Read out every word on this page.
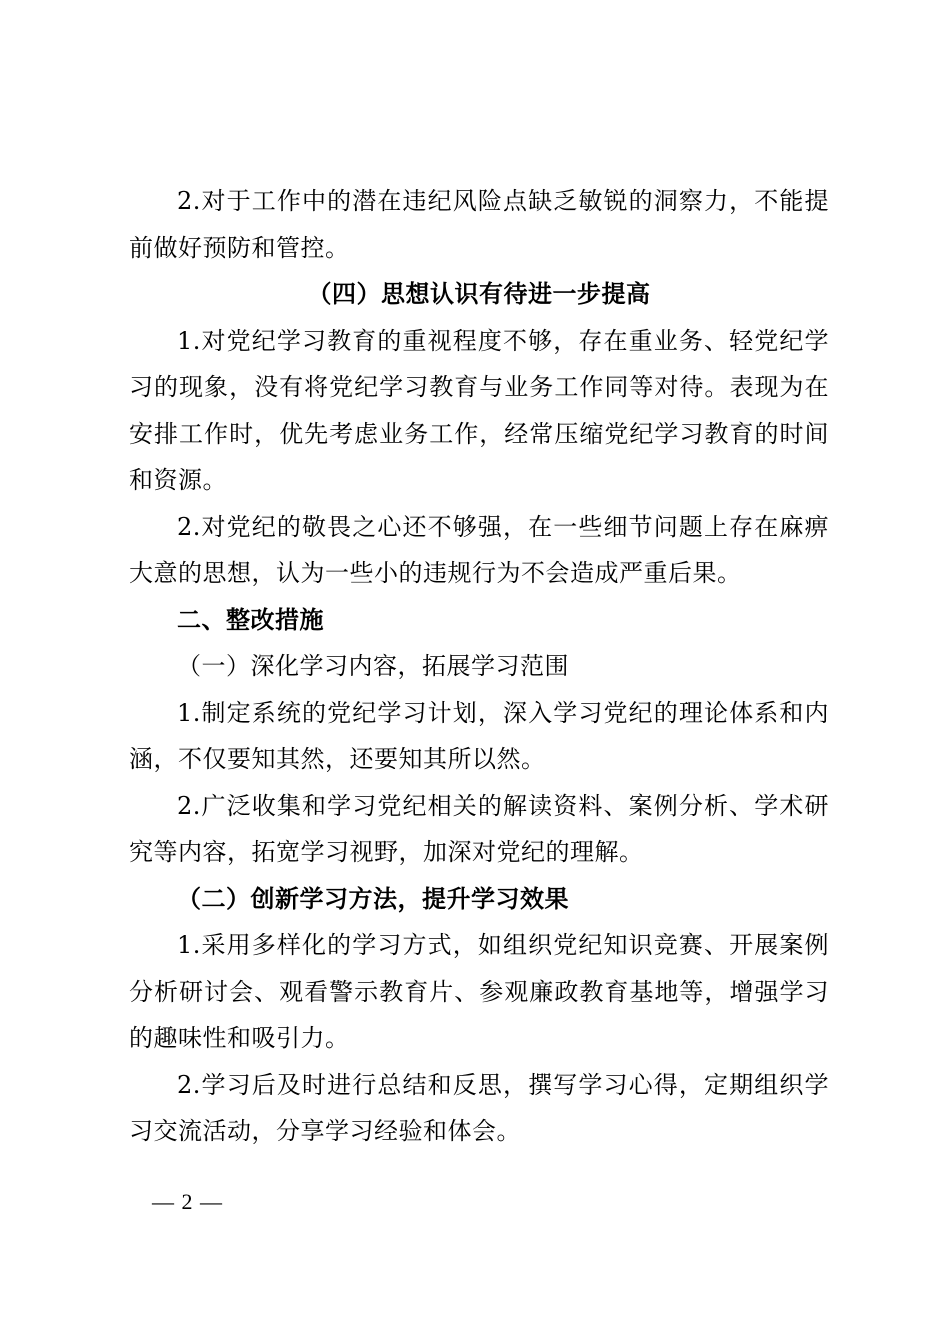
2.对于工作中的潜在违纪风险点缺乏敏锐的洞察力，不能提前做好预防和管控。

（四）思想认识有待进一步提高

1.对党纪学习教育的重视程度不够，存在重业务、轻党纪学习的现象，没有将党纪学习教育与业务工作同等对待。表现为在安排工作时，优先考虑业务工作，经常压缩党纪学习教育的时间和资源。

2.对党纪的敬畏之心还不够强，在一些细节问题上存在麻痹大意的思想，认为一些小的违规行为不会造成严重后果。

二、整改措施

（一）深化学习内容，拓展学习范围

1.制定系统的党纪学习计划，深入学习党纪的理论体系和内涵，不仅要知其然，还要知其所以然。

2.广泛收集和学习党纪相关的解读资料、案例分析、学术研究等内容，拓宽学习视野，加深对党纪的理解。

（二）创新学习方法，提升学习效果

1.采用多样化的学习方式，如组织党纪知识竞赛、开展案例分析研讨会、观看警示教育片、参观廉政教育基地等，增强学习的趣味性和吸引力。

2.学习后及时进行总结和反思，撰写学习心得，定期组织学习交流活动，分享学习经验和体会。

— 2 —
